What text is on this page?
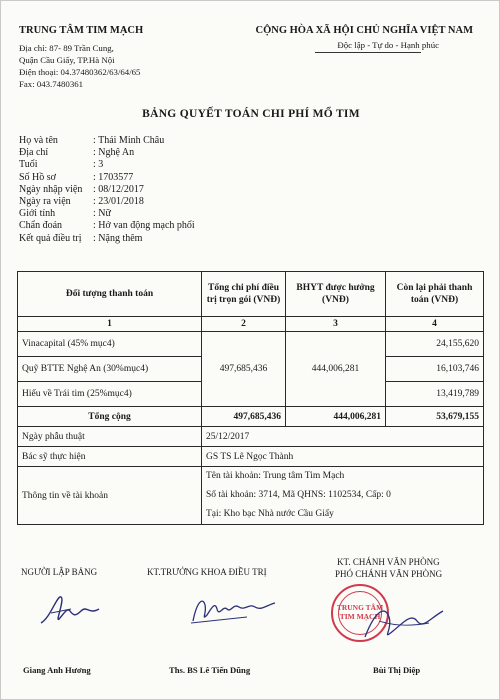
TRUNG TÂM TIM MẠCH
Địa chỉ: 87- 89 Trần Cung,
Quận Cầu Giấy, TP.Hà Nội
Điện thoại: 04.37480362/63/64/65
Fax: 043.7480361
CỘNG HÒA XÃ HỘI CHỦ NGHĨA VIỆT NAM
Độc lập - Tự do - Hạnh phúc
BẢNG QUYẾT TOÁN CHI PHÍ MỔ TIM
Họ và tên	: Thái Minh Châu
Địa chỉ	: Nghệ An
Tuổi	: 3
Số Hồ sơ	: 1703577
Ngày nhập viện : 08/12/2017
Ngày ra viện : 23/01/2018
Giới tính	: Nữ
Chẩn đoán	: Hở van động mạch phổi
Kết quả điều trị : Nặng thêm
Đối tượng thanh toán	Tổng chi phí điều trị trọn gói (VNĐ)	BHYT được hưởng (VNĐ)	Còn lại phải thanh toán (VNĐ)
1	2	3	4
Vinacapital (45% mục4)	497,685,436	444,006,281	24,155,620
Quỹ BTTE Nghệ An (30%mục4)			16,103,746
Hiếu về Trái tim (25%mục4)			13,419,789
Tổng cộng	497,685,436	444,006,281	53,679,155
Ngày phẫu thuật	25/12/2017		
Bác sỹ thực hiện	GS TS Lê Ngọc Thành		
Thông tin về tài khoản	Tên tài khoản: Trung tâm Tim Mạch
Số tài khoản: 3714, Mã QHNS: 1102534, Cấp: 0
Tại: Kho bạc Nhà nước Cầu Giấy		
NGƯỜI LẬP BẢNG	KT.TRƯỞNG KHOA ĐIỀU TRỊ
KT. CHÁNH VĂN PHÒNG
PHÓ CHÁNH VĂN PHÒNG
TRUNG TÂM TIM MẠCH
Giang Anh Hương	Ths. BS Lê Tiến Dũng	Bùi Thị Diệp
